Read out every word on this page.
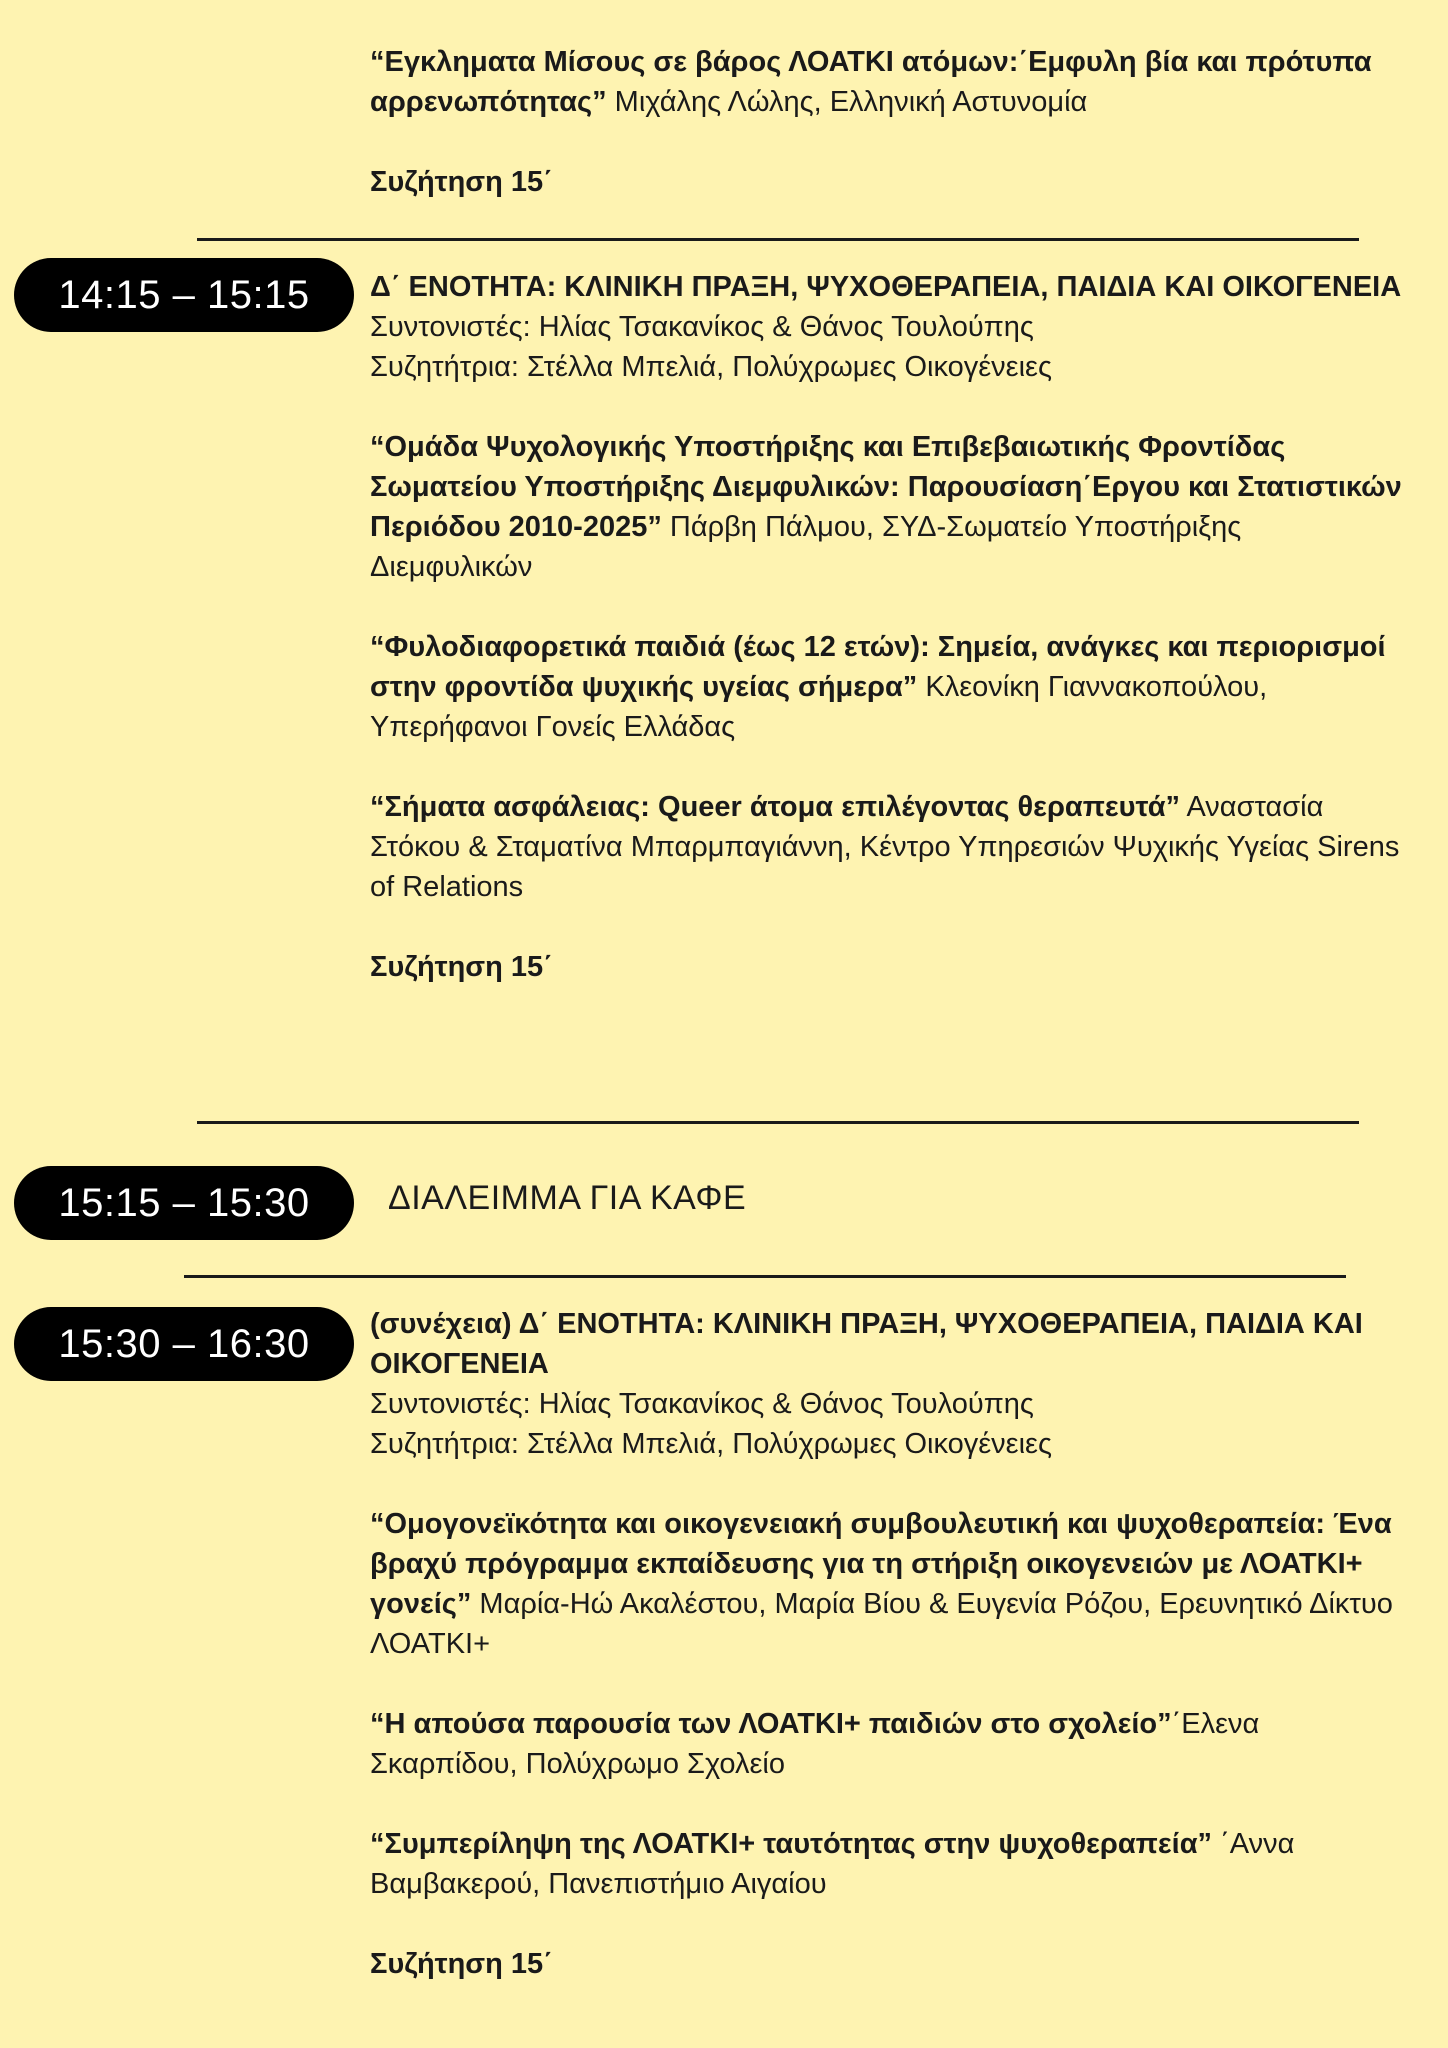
“Εγκληματα Μίσους σε βάρος ΛΟΑΤΚΙ ατόμων:΄Εμφυλη βία και πρότυπα αρρενωπότητας” Μιχάλης Λώλης, Ελληνική Αστυνομία

Συζήτηση 15΄

14:15 – 15:15	Δ΄ ΕΝΟΤΗΤΑ: ΚΛΙΝΙΚΗ ΠΡΑΞΗ, ΨΥΧΟΘΕΡΑΠΕΙΑ, ΠΑΙΔΙΑ ΚΑΙ ΟΙΚΟΓΕΝΕΙΑ

Συντονιστές: Ηλίας Τσακανίκος & Θάνος Τουλούπης

Συζητήτρια: Στέλλα Μπελιά, Πολύχρωμες Οικογένειες

“Ομάδα Ψυχολογικής Υποστήριξης και Επιβεβαιωτικής Φροντίδας Σωματείου Υποστήριξης Διεμφυλικών: Παρουσίαση΄Εργου και Στατιστικών Περιόδου 2010-2025” Πάρβη Πάλμου, ΣΥΔ-Σωματείο Υποστήριξης Διεμφυλικών

“Φυλοδιαφορετικά παιδιά (έως 12 ετών): Σημεία, ανάγκες και περιορισμοί στην φροντίδα ψυχικής υγείας σήμερα” Κλεονίκη Γιαννακοπούλου, Υπερήφανοι Γονείς Ελλάδας

“Σήματα ασφάλειας: Queer άτομα επιλέγοντας θεραπευτά” Αναστασία Στόκου & Σταματίνα Μπαρμπαγιάννη, Κέντρο Υπηρεσιών Ψυχικής Υγείας Sirens of Relations

Συζήτηση 15΄

15:15 – 15:30	ΔΙΑΛΕΙΜΜΑ ΓΙΑ ΚΑΦΕ
15:30 – 16:30	(συνέχεια) Δ΄ ΕΝΟΤΗΤΑ: ΚΛΙΝΙΚΗ ΠΡΑΞΗ, ΨΥΧΟΘΕΡΑΠΕΙΑ, ΠΑΙΔΙΑ ΚΑΙ ΟΙΚΟΓΕΝΕΙΑ

Συντονιστές: Ηλίας Τσακανίκος & Θάνος Τουλούπης

Συζητήτρια: Στέλλα Μπελιά, Πολύχρωμες Οικογένειες

“Ομογονεϊκότητα και οικογενειακή συμβουλευτική και ψυχοθεραπεία: Ένα βραχύ πρόγραμμα εκπαίδευσης για τη στήριξη οικογενειών με ΛΟΑΤΚΙ+ γονείς” Μαρία-Ηώ Ακαλέστου, Μαρία Βίου & Ευγενία Ρόζου, Ερευνητικό Δίκτυο ΛΟΑΤΚΙ+

“Η απούσα παρουσία των ΛΟΑΤΚΙ+ παιδιών στο σχολείο”΄Ελενα Σκαρπίδου, Πολύχρωμο Σχολείο

“Συμπερίληψη της ΛΟΑΤΚΙ+ ταυτότητας στην ψυχοθεραπεία” ΄Αννα Βαμβακερού, Πανεπιστήμιο Αιγαίου

Συζήτηση 15΄
